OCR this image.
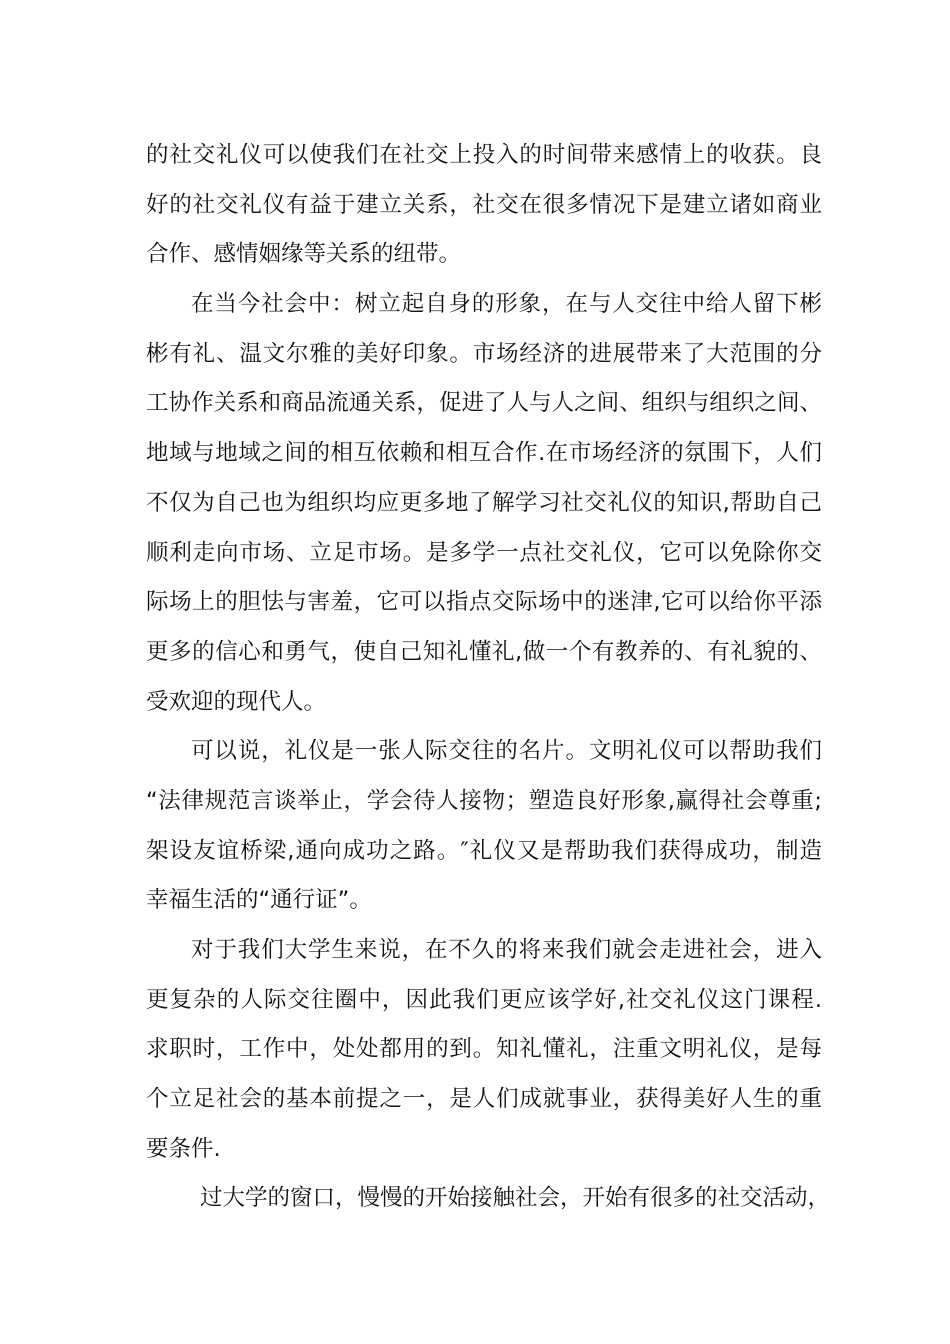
的社交礼仪可以使我们在社交上投入的时间带来感情上的收获。良
好的社交礼仪有益于建立关系，社交在很多情况下是建立诸如商业
合作、感情姻缘等关系的纽带。
在当今社会中：树立起自身的形象，在与人交往中给人留下彬
彬有礼、温文尔雅的美好印象。市场经济的进展带来了大范围的分
工协作关系和商品流通关系，促进了人与人之间、组织与组织之间、
地域与地域之间的相互依赖和相互合作.在市场经济的氛围下，人们
不仅为自己也为组织均应更多地了解学习社交礼仪的知识,帮助自己
顺利走向市场、立足市场。是多学一点社交礼仪，它可以免除你交
际场上的胆怯与害羞，它可以指点交际场中的迷津,它可以给你平添
更多的信心和勇气，使自己知礼懂礼,做一个有教养的、有礼貌的、
受欢迎的现代人。
可以说，礼仪是一张人际交往的名片。文明礼仪可以帮助我们
“法律规范言谈举止，学会待人接物；塑造良好形象,赢得社会尊重;
架设友谊桥梁,通向成功之路。″礼仪又是帮助我们获得成功，制造
幸福生活的“通行证”。
对于我们大学生来说，在不久的将来我们就会走进社会，进入
更复杂的人际交往圈中，因此我们更应该学好,社交礼仪这门课程.
求职时，工作中，处处都用的到。知礼懂礼，注重文明礼仪，是每
个立足社会的基本前提之一，是人们成就事业，获得美好人生的重
要条件.
过大学的窗口，慢慢的开始接触社会，开始有很多的社交活动，
